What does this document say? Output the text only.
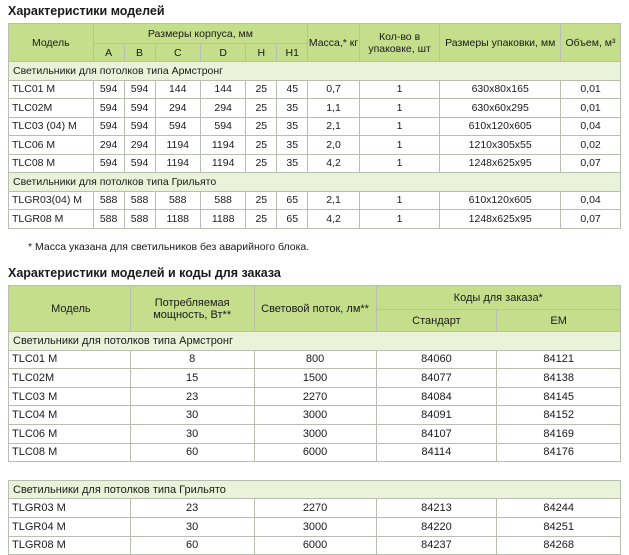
Характеристики моделей
Модель	Размеры корпуса, мм						Масса,* кг	Кол-во в упаковке, шт	Размеры упаковки, мм	Объем, м³
	A	B	C	D	H	H1				
Светильники для потолков типа Армстронг										
TLC01 M	594	594	144	144	25	45	0,7	1	630x80x165	0,01
TLC02M	594	594	294	294	25	35	1,1	1	630x60x295	0,01
TLC03 (04) M	594	594	594	594	25	35	2,1	1	610x120x605	0,04
TLC06 M	294	294	1194	1194	25	35	2,0	1	1210x305x55	0,02
TLC08 M	594	594	1194	1194	25	35	4,2	1	1248x625x95	0,07
Светильники для потолков типа Грильято										
TLGR03(04) M	588	588	588	588	25	65	2,1	1	610x120x605	0,04
TLGR08 M	588	588	1188	1188	25	65	4,2	1	1248x625x95	0,07
* Масса указана для светильников без аварийного блока.
Характеристики моделей и коды для заказа
Модель	Потребляемая мощность, Вт**	Световой поток, лм**	Коды для заказа*	
			Стандарт	EM
Светильники для потолков типа Армстронг				
TLC01 M	8	800	84060	84121
TLC02M	15	1500	84077	84138
TLC03 M	23	2270	84084	84145
TLC04 M	30	3000	84091	84152
TLC06 M	30	3000	84107	84169
TLC08 M	60	6000	84114	84176

Светильники для потолков типа Грильято				
TLGR03 M	23	2270	84213	84244
TLGR04 M	30	3000	84220	84251
TLGR08 M	60	6000	84237	84268
